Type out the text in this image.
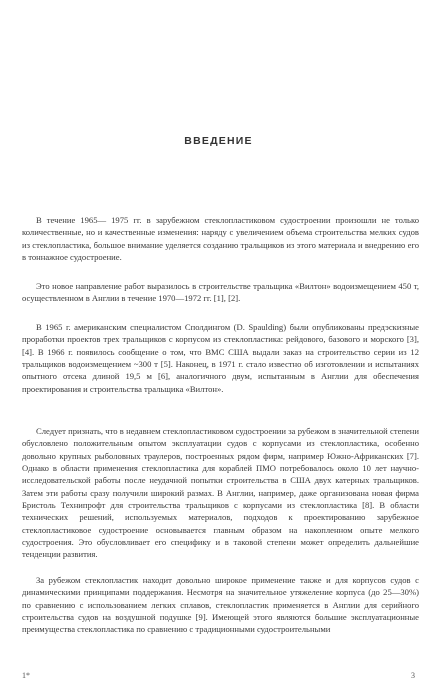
ВВЕДЕНИЕ

В течение 1965— 1975 гг. в зарубежном стеклопластиковом судостроении произошли не только количественные, но и качественные изменения: наряду с увеличением объема строительства мелких судов из стеклопластика, большое внимание уделяется созданию тральщиков из этого материала и внедрению его в тоннажное судостроение.

Это новое направление работ выразилось в строительстве тральщика «Вилтон» водоизмещением 450 т, осуществленном в Англии в течение 1970—1972 гг. [1], [2].

В 1965 г. американским специалистом Сполдингом (D. Spaulding) были опубликованы предэскизные проработки проектов трех тральщиков с корпусом из стеклопластика: рейдового, базового и морского [3], [4]. В 1966 г. появилось сообщение о том, что ВМС США выдали заказ на строительство серии из 12 тральщиков водоизмещением ~300 т [5]. Наконец, в 1971 г. стало известно об изготовлении и испытаниях опытного отсека длиной 19,5 м [6], аналогичного двум, испытанным в Англии для обеспечения проектирования и строительства тральщика «Вилтон».

Следует признать, что в недавнем стеклопластиковом судостроении за рубежом в значительной степени обусловлено положительным опытом эксплуатации судов с корпусами из стеклопластика, особенно довольно крупных рыболовных траулеров, построенных рядом фирм, например Южно-Африканских [7]. Однако в области применения стеклопластика для кораблей ПМО потребовалось около 10 лет научно-исследовательской работы после неудачной попытки строительства в США двух катерных тральщиков. Затем эти работы сразу получили широкий размах. В Англии, например, даже организована новая фирма Бристоль Технипрофт для строительства тральщиков с корпусами из стеклопластика [8]. В области технических решений, используемых материалов, подходов к проектированию зарубежное стеклопластиковое судостроение основывается главным образом на накопленном опыте мелкого судостроения. Это обусловливает его специфику и в таковой степени может определить дальнейшие тенденции развития.

За рубежом стеклопластик находит довольно широкое применение также и для корпусов судов с динамическими принципами поддержания. Несмотря на значительное утяжеление корпуса (до 25—30%) по сравнению с использованием легких сплавов, стеклопластик применяется в Англии для серийного строительства судов на воздушной подушке [9]. Имеющей этого являются большие эксплуатационные преимущества стеклопластика по сравнению с традиционными судостроительными

1*	3
